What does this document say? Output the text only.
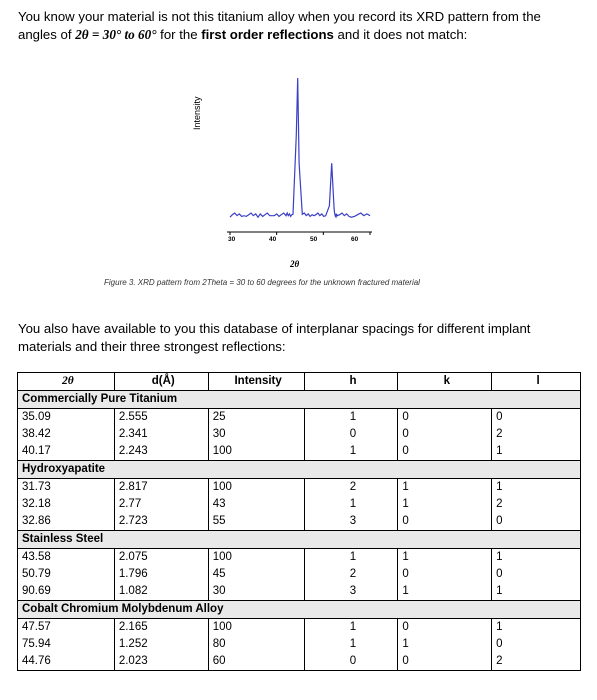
You know your material is not this titanium alloy when you record its XRD pattern from the angles of 2θ = 30° to 60° for the first order reflections and it does not match:

Intensity
30	40	50	60
2θ
Figure 3. XRD pattern from 2Theta = 30 to 60 degrees for the unknown fractured material

You also have available to you this database of interplanar spacings for different implant materials and their three strongest reflections:

2θ	d(Å)	Intensity	h	k	l
Commercially Pure Titanium					
35.09	2.555	25	1	0	0
38.42	2.341	30	0	0	2
40.17	2.243	100	1	0	1
Hydroxyapatite					
31.73	2.817	100	2	1	1
32.18	2.77	43	1	1	2
32.86	2.723	55	3	0	0
Stainless Steel					
43.58	2.075	100	1	1	1
50.79	1.796	45	2	0	0
90.69	1.082	30	3	1	1
Cobalt Chromium Molybdenum Alloy					
47.57	2.165	100	1	0	1
75.94	1.252	80	1	1	0
44.76	2.023	60	0	0	2
